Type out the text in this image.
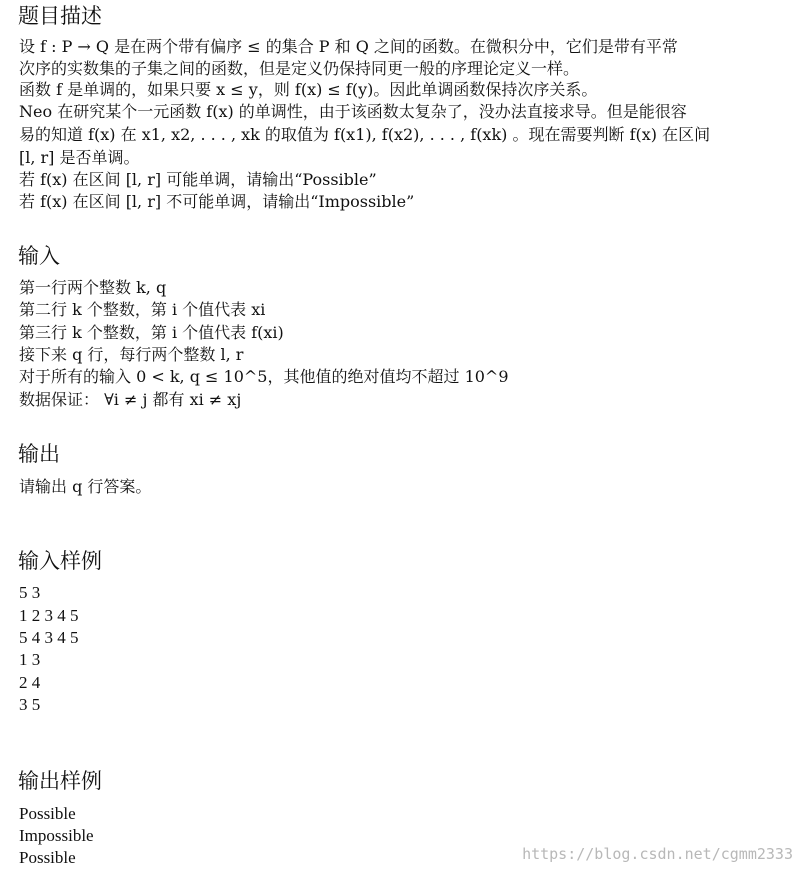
题目描述

设 f : P → Q 是在两个带有偏序 ≤ 的集合 P 和 Q 之间的函数。在微积分中，它们是带有平常

次序的实数集的子集之间的函数，但是定义仍保持同更一般的序理论定义一样。

函数 f 是单调的，如果只要 x ≤ y，则 f(x) ≤ f(y)。因此单调函数保持次序关系。

Neo 在研究某个一元函数 f(x) 的单调性，由于该函数太复杂了，没办法直接求导。但是能很容

易的知道 f(x) 在 x1, x2, . . . , xk 的取值为 f(x1), f(x2), . . . , f(xk) 。现在需要判断 f(x) 在区间

[l, r] 是否单调。

若 f(x) 在区间 [l, r] 可能单调，请输出“Possible”

若 f(x) 在区间 [l, r] 不可能单调，请输出“Impossible”

输入

第一行两个整数 k, q

第二行 k 个整数，第 i 个值代表 xi

第三行 k 个整数，第 i 个值代表 f(xi)

接下来 q 行，每行两个整数 l, r

对于所有的输入 0 < k, q ≤ 10^5，其他值的绝对值均不超过 10^9

数据保证： ∀i ≠ j 都有 xi ≠ xj

输出

请输出 q 行答案。

输入样例

5 3

1 2 3 4 5

5 4 3 4 5

1 3

2 4

3 5

输出样例

Possible

Impossible

Possible	https://blog.csdn.net/cgmm2333
